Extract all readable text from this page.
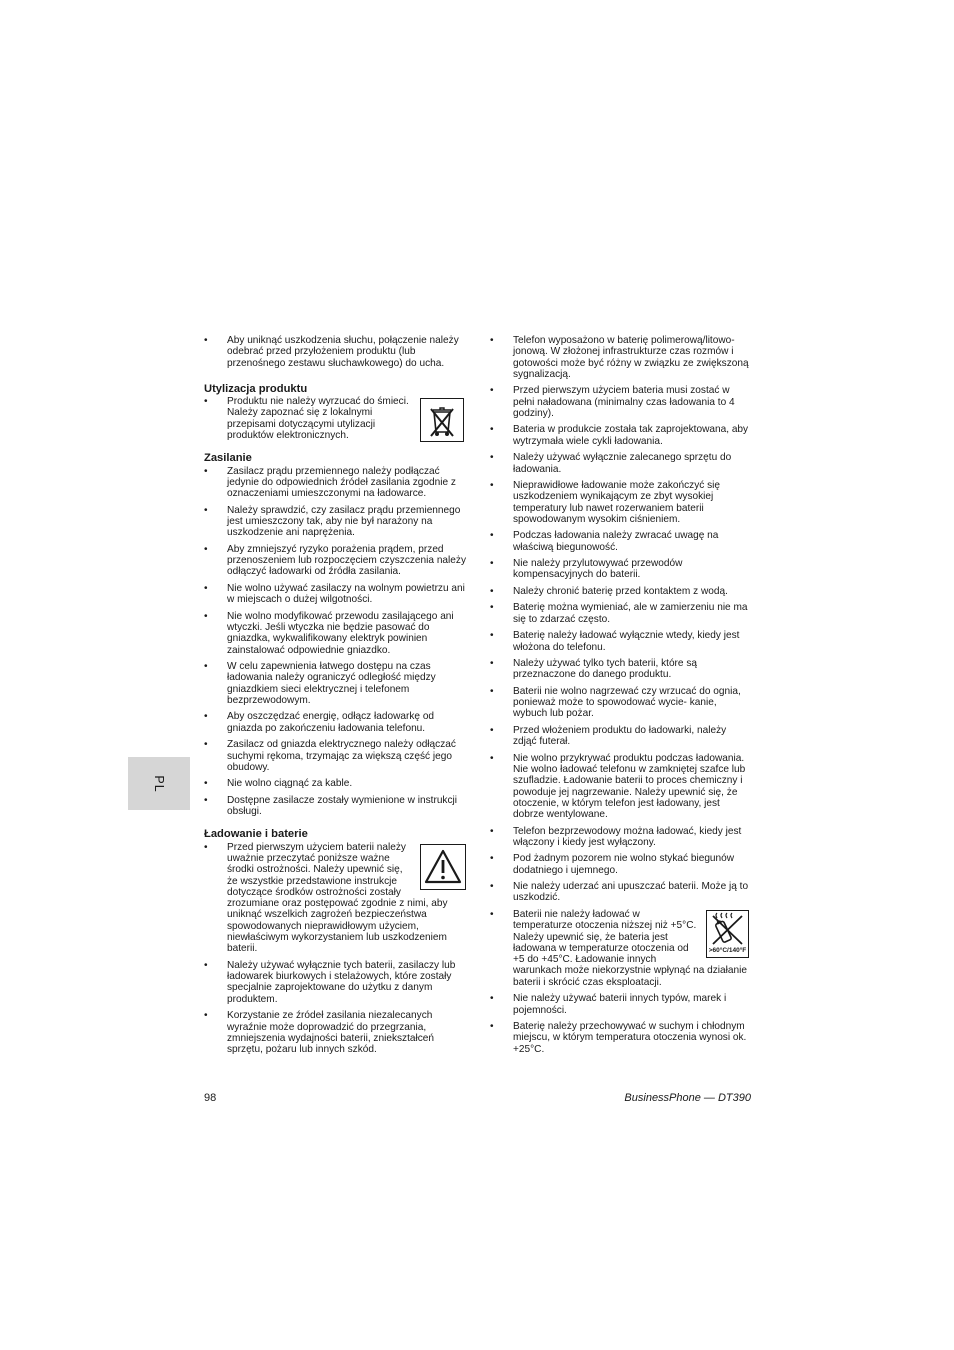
PL
• Aby uniknąć uszkodzenia słuchu, połączenie należy odebrać przed przyłożeniem produktu (lub przenośnego zestawu słuchawkowego) do ucha.
Utylizacja produktu
• Produktu nie należy wyrzucać do śmieci. Należy zapoznać się z lokalnymi przepisami dotyczącymi utylizacji produktów elektronicznych.
Zasilanie
• Zasilacz prądu przemiennego należy podłączać jedynie do odpowiednich źródeł zasilania zgodnie z oznaczeniami umieszczonymi na ładowarce.
• Należy sprawdzić, czy zasilacz prądu przemiennego jest umieszczony tak, aby nie był narażony na uszkodzenie ani naprężenia.
• Aby zmniejszyć ryzyko porażenia prądem, przed przenoszeniem lub rozpoczęciem czyszczenia należy odłączyć ładowarki od źródła zasilania.
• Nie wolno używać zasilaczy na wolnym powietrzu ani w miejscach o dużej wilgotności.
• Nie wolno modyfikować przewodu zasilającego ani wtyczki. Jeśli wtyczka nie będzie pasować do gniazdka, wykwalifikowany elektryk powinien zainstalować odpowiednie gniazdko.
• W celu zapewnienia łatwego dostępu na czas ładowania należy ograniczyć odległość między gniazdkiem sieci elektrycznej i telefonem bezprzewodowym.
• Aby oszczędzać energię, odłącz ładowarkę od gniazda po zakończeniu ładowania telefonu.
• Zasilacz od gniazda elektrycznego należy odłączać suchymi rękoma, trzymając za większą część jego obudowy.
• Nie wolno ciągnąć za kable.
• Dostępne zasilacze zostały wymienione w instrukcji obsługi.
Ładowanie i baterie
• Przed pierwszym użyciem baterii należy uważnie przeczytać poniższe ważne środki ostrożności. Należy upewnić się, że wszystkie przedstawione instrukcje dotyczące środków ostrożności zostały zrozumiane oraz postępować zgodnie z nimi, aby uniknąć wszelkich zagrożeń bezpieczeństwa spowodowanych nieprawidłowym użyciem, niewłaściwym wykorzystaniem lub uszkodzeniem baterii.
• Należy używać wyłącznie tych baterii, zasilaczy lub ładowarek biurkowych i stelażowych, które zostały specjalnie zaprojektowane do użytku z danym produktem.
• Korzystanie ze źródeł zasilania niezalecanych wyraźnie może doprowadzić do przegrzania, zmniejszenia wydajności baterii, zniekształceń sprzętu, pożaru lub innych szkód.
• Telefon wyposażono w baterię polimerową/litowo-jonową. W złożonej infrastrukturze czas rozmów i gotowości może być różny w związku ze zwiększoną sygnalizacją.
• Przed pierwszym użyciem bateria musi zostać w pełni naładowana (minimalny czas ładowania to 4 godziny).
• Bateria w produkcie została tak zaprojektowana, aby wytrzymała wiele cykli ładowania.
• Należy używać wyłącznie zalecanego sprzętu do ładowania.
• Nieprawidłowe ładowanie może zakończyć się uszkodzeniem wynikającym ze zbyt wysokiej temperatury lub nawet rozerwaniem baterii spowodowanym wysokim ciśnieniem.
• Podczas ładowania należy zwracać uwagę na właściwą biegunowość.
• Nie należy przylutowywać przewodów kompensacyjnych do baterii.
• Należy chronić baterię przed kontaktem z wodą.
• Baterię można wymieniać, ale w zamierzeniu nie ma się to zdarzać często.
• Baterię należy ładować wyłącznie wtedy, kiedy jest włożona do telefonu.
• Należy używać tylko tych baterii, które są przeznaczone do danego produktu.
• Baterii nie wolno nagrzewać czy wrzucać do ognia, ponieważ może to spowodować wycie- kanie, wybuch lub pożar.
• Przed włożeniem produktu do ładowarki, należy zdjąć futerał.
• Nie wolno przykrywać produktu podczas ładowania. Nie wolno ładować telefonu w zamkniętej szafce lub szufladzie. Ładowanie baterii to proces chemiczny i powoduje jej nagrzewanie. Należy upewnić się, że otoczenie, w którym telefon jest ładowany, jest dobrze wentylowane.
• Telefon bezprzewodowy można ładować, kiedy jest włączony i kiedy jest wyłączony.
• Pod żadnym pozorem nie wolno stykać biegunów dodatniego i ujemnego.
• Nie należy uderzać ani upuszczać baterii. Może ją to uszkodzić.
• >60°C/140°F
Baterii nie należy ładować w temperaturze otoczenia niższej niż +5°C. Należy upewnić się, że bateria jest ładowana w temperaturze otoczenia od +5 do +45°C. Ładowanie innych warunkach może niekorzystnie wpłynąć na działanie baterii i skrócić czas eksploatacji.
• Nie należy używać baterii innych typów, marek i pojemności.
• Baterię należy przechowywać w suchym i chłodnym miejscu, w którym temperatura otoczenia wynosi ok. +25°C.
98	BusinessPhone — DT390
